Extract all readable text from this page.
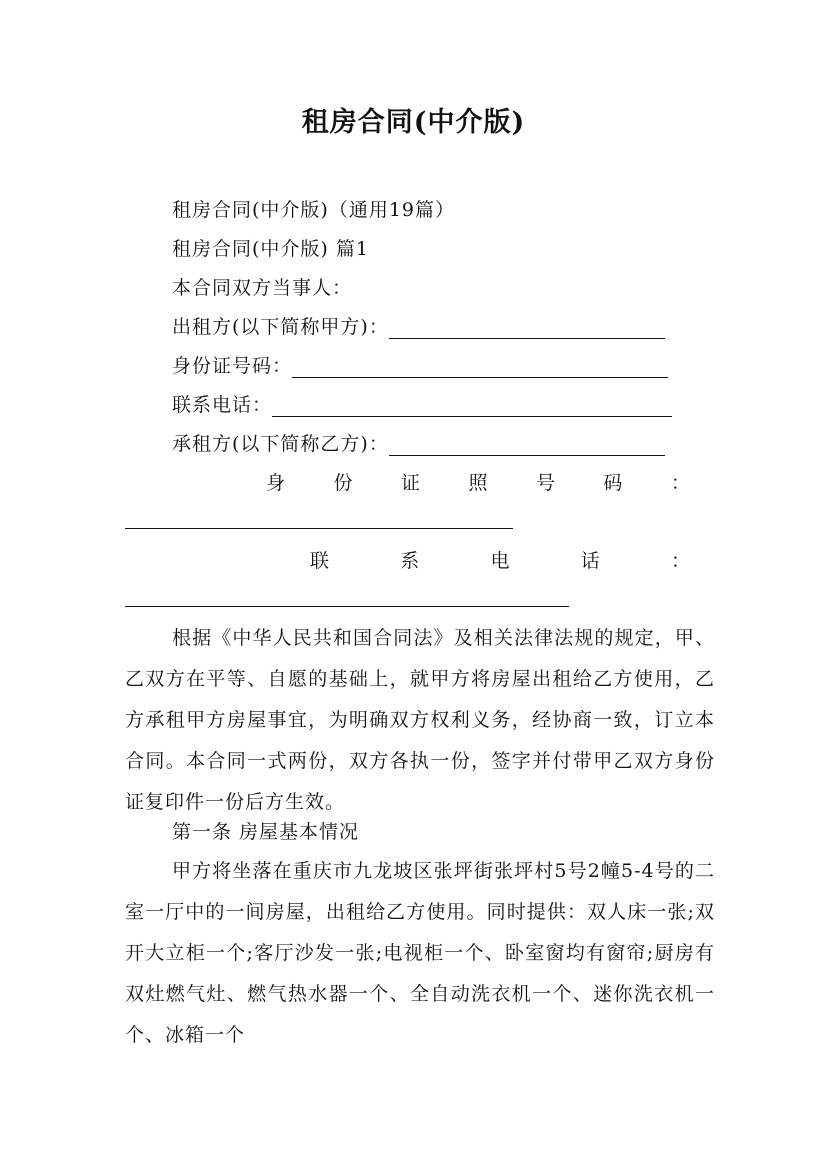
租房合同(中介版)
租房合同(中介版)（通用19篇）
租房合同(中介版) 篇1
本合同双方当事人：
出租方(以下简称甲方)：
身份证号码：
联系电话：
承租方(以下简称乙方)：
身	份	证	照	号	码	：
联	系	电	话	：
根据《中华人民共和国合同法》及相关法律法规的规定，甲、乙双方在平等、自愿的基础上，就甲方将房屋出租给乙方使用，乙方承租甲方房屋事宜，为明确双方权利义务，经协商一致，订立本合同。本合同一式两份，双方各执一份，签字并付带甲乙双方身份证复印件一份后方生效。
第一条 房屋基本情况
甲方将坐落在重庆市九龙坡区张坪街张坪村5号2幢5-4号的二室一厅中的一间房屋，出租给乙方使用。同时提供：双人床一张;双开大立柜一个;客厅沙发一张;电视柜一个、卧室窗均有窗帘;厨房有双灶燃气灶、燃气热水器一个、全自动洗衣机一个、迷你洗衣机一个、冰箱一个
